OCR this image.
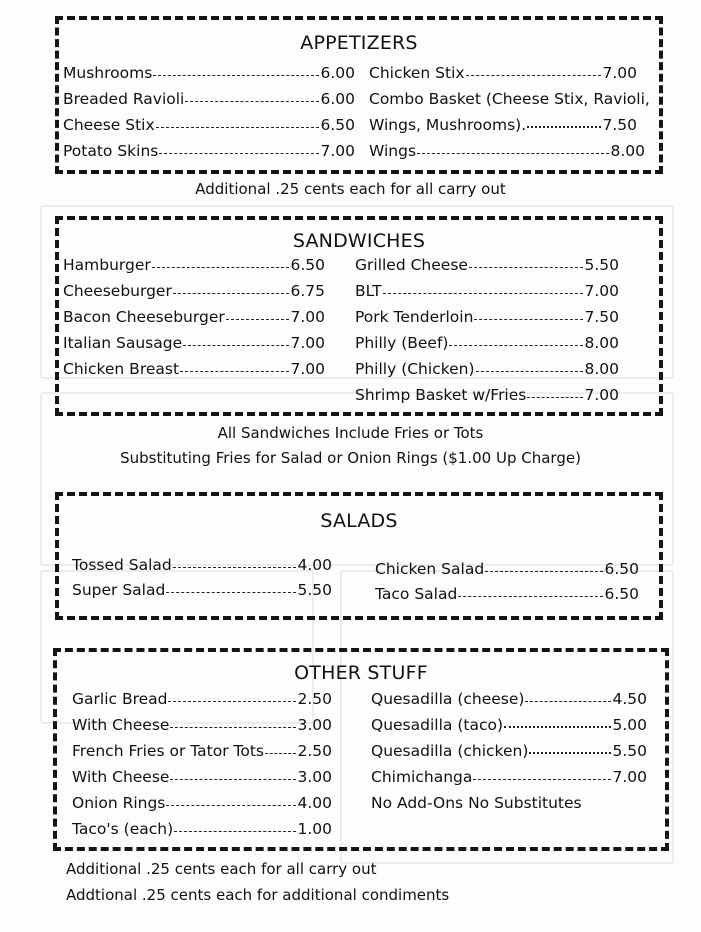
APPETIZERS
Mushrooms	6.00
Breaded Ravioli	6.00
Cheese Stix	6.50
Potato Skins	7.00
Chicken Stix	7.00
Combo Basket (Cheese Stix, Ravioli,
Wings, Mushrooms).	7.50
Wings	8.00
Additional .25 cents each for all carry out
SANDWICHES
Hamburger	6.50
Cheeseburger	6.75
Bacon Cheeseburger	7.00
Italian Sausage	7.00
Chicken Breast	7.00
Grilled Cheese	5.50
BLT	7.00
Pork Tenderloin	7.50
Philly (Beef)	8.00
Philly (Chicken)	8.00
Shrimp Basket w/Fries	7.00
All Sandwiches Include Fries or Tots
Substituting Fries for Salad or Onion Rings ($1.00 Up Charge)
SALADS
Tossed Salad	4.00
Super Salad	5.50
Chicken Salad	6.50
Taco Salad	6.50
OTHER STUFF
Garlic Bread	2.50
With Cheese	3.00
French Fries or Tator Tots 2.50
With Cheese	3.00
Onion Rings	4.00
Taco's (each)	1.00
Quesadilla (cheese)	4.50
Quesadilla (taco)	5.00
Quesadilla (chicken)	5.50
Chimichanga	7.00
No Add-Ons No Substitutes
Additional .25 cents each for all carry out
Addtional .25 cents each for additional condiments
